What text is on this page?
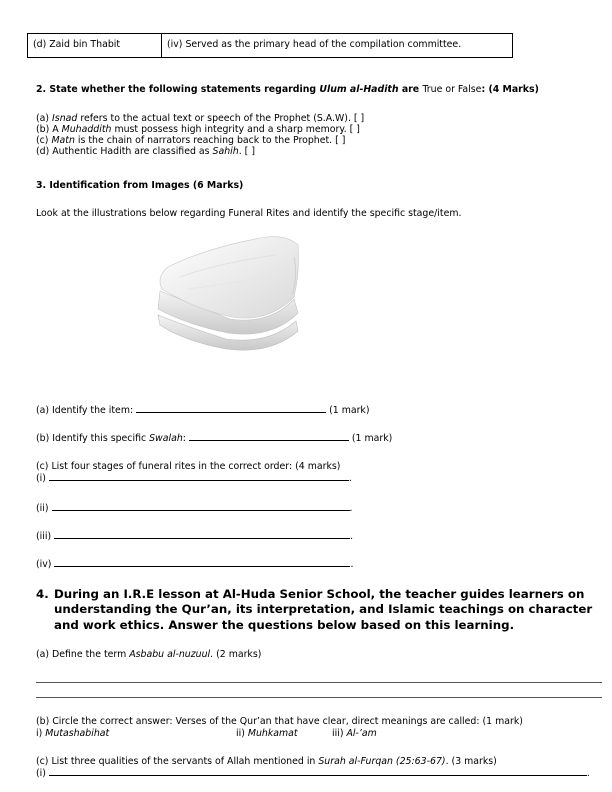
(d) Zaid bin Thabit	(iv) Served as the primary head of the compilation committee.
2. State whether the following statements regarding Ulum al-Hadith are True or False: (4 Marks)
(a) Isnad refers to the actual text or speech of the Prophet (S.A.W). [ ]
(b) A Muhaddith must possess high integrity and a sharp memory. [ ]
(c) Matn is the chain of narrators reaching back to the Prophet. [ ]
(d) Authentic Hadith are classified as Sahih. [ ]
3. Identification from Images (6 Marks)
Look at the illustrations below regarding Funeral Rites and identify the specific stage/item.
(a) Identify the item:	(1 mark)
(b) Identify this specific Swalah:	(1 mark)
(c) List four stages of funeral rites in the correct order: (4 marks)
(i)	.
(ii)	.
(iii)	.
(iv)	.
4. During an I.R.E lesson at Al-Huda Senior School, the teacher guides learners on understanding the Qur’an, its interpretation, and Islamic teachings on character and work ethics. Answer the questions below based on this learning.
(a) Define the term Asbabu al-nuzuul. (2 marks)
(b) Circle the correct answer: Verses of the Qur’an that have clear, direct meanings are called: (1 mark)
i) Mutashabihat	ii) Muhkamat	iii) Al-’am
(c) List three qualities of the servants of Allah mentioned in Surah al-Furqan (25:63-67). (3 marks)
(i)	.
